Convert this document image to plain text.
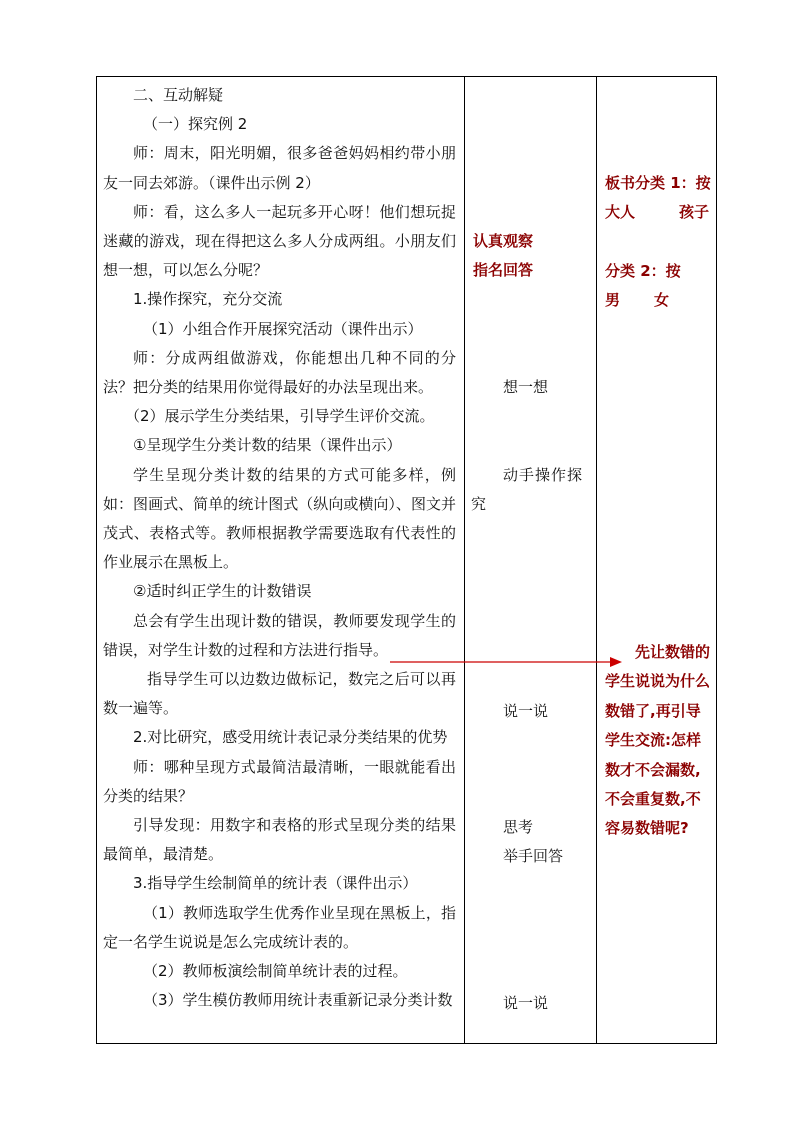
二、互动解疑

（一）探究例 2

师：周末，阳光明媚，很多爸爸妈妈相约带小朋友一同去郊游。（课件出示例 2）

师：看，这么多人一起玩多开心呀！他们想玩捉迷藏的游戏，现在得把这么多人分成两组。小朋友们想一想，可以怎么分呢？

1.操作探究，充分交流

（1）小组合作开展探究活动（课件出示）

师：分成两组做游戏，你能想出几种不同的分法？把分类的结果用你觉得最好的办法呈现出来。

（2）展示学生分类结果，引导学生评价交流。

①呈现学生分类计数的结果（课件出示）

学生呈现分类计数的结果的方式可能多样，例如：图画式、简单的统计图式（纵向或横向）、图文并茂式、表格式等。教师根据教学需要选取有代表性的作业展示在黑板上。

②适时纠正学生的计数错误

总会有学生出现计数的错误，教师要发现学生的错误，对学生计数的过程和方法进行指导。

指导学生可以边数边做标记，数完之后可以再数一遍等。

2.对比研究，感受用统计表记录分类结果的优势

师：哪种呈现方式最简洁最清晰，一眼就能看出分类的结果？

引导发现：用数字和表格的形式呈现分类的结果最简单，最清楚。

3.指导学生绘制简单的统计表（课件出示）

（1）教师选取学生优秀作业呈现在黑板上，指定一名学生说说是怎么完成统计表的。

（2）教师板演绘制简单统计表的过程。

（3）学生模仿教师用统计表重新记录分类计数

认真观察
指名回答
想一想
动手操作探
究
说一说
思考
举手回答
说一说
板书分类 1：按
大人	孩子
分类 2：按
男 女
先让数错的学生说说为什么数错了,再引导学生交流:怎样数才不会漏数,不会重复数,不容易数错呢?
